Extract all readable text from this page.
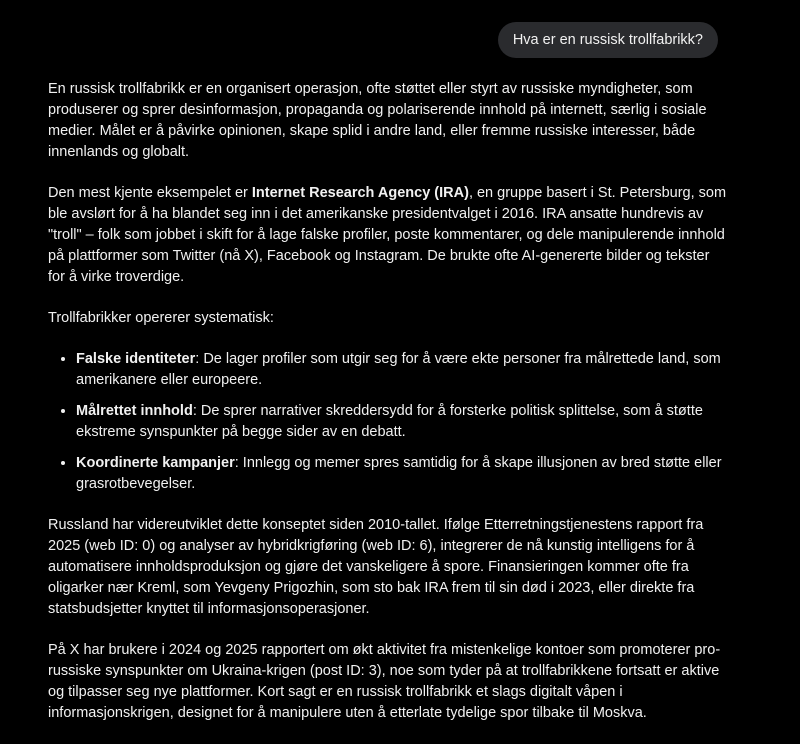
Hva er en russisk trollfabrikk?

En russisk trollfabrikk er en organisert operasjon, ofte støttet eller styrt av russiske myndigheter, som produserer og sprer desinformasjon, propaganda og polariserende innhold på internett, særlig i sosiale medier. Målet er å påvirke opinionen, skape splid i andre land, eller fremme russiske interesser, både innenlands og globalt.

Den mest kjente eksempelet er Internet Research Agency (IRA), en gruppe basert i St. Petersburg, som ble avslørt for å ha blandet seg inn i det amerikanske presidentvalget i 2016. IRA ansatte hundrevis av "troll" – folk som jobbet i skift for å lage falske profiler, poste kommentarer, og dele manipulerende innhold på plattformer som Twitter (nå X), Facebook og Instagram. De brukte ofte AI-genererte bilder og tekster for å virke troverdige.

Trollfabrikker opererer systematisk:

• Falske identiteter: De lager profiler som utgir seg for å være ekte personer fra målrettede land, som amerikanere eller europeere.
• Målrettet innhold: De sprer narrativer skreddersydd for å forsterke politisk splittelse, som å støtte ekstreme synspunkter på begge sider av en debatt.
• Koordinerte kampanjer: Innlegg og memer spres samtidig for å skape illusjonen av bred støtte eller grasrotbevegelser.

Russland har videreutviklet dette konseptet siden 2010-tallet. Ifølge Etterretningstjenestens rapport fra 2025 (web ID: 0) og analyser av hybridkrigføring (web ID: 6), integrerer de nå kunstig intelligens for å automatisere innholdsproduksjon og gjøre det vanskeligere å spore. Finansieringen kommer ofte fra oligarker nær Kreml, som Yevgeny Prigozhin, som sto bak IRA frem til sin død i 2023, eller direkte fra statsbudsjetter knyttet til informasjonsoperasjoner.

På X har brukere i 2024 og 2025 rapportert om økt aktivitet fra mistenkelige kontoer som promoterer pro-russiske synspunkter om Ukraina-krigen (post ID: 3), noe som tyder på at trollfabrikkene fortsatt er aktive og tilpasser seg nye plattformer. Kort sagt er en russisk trollfabrikk et slags digitalt våpen i informasjonskrigen, designet for å manipulere uten å etterlate tydelige spor tilbake til Moskva.
